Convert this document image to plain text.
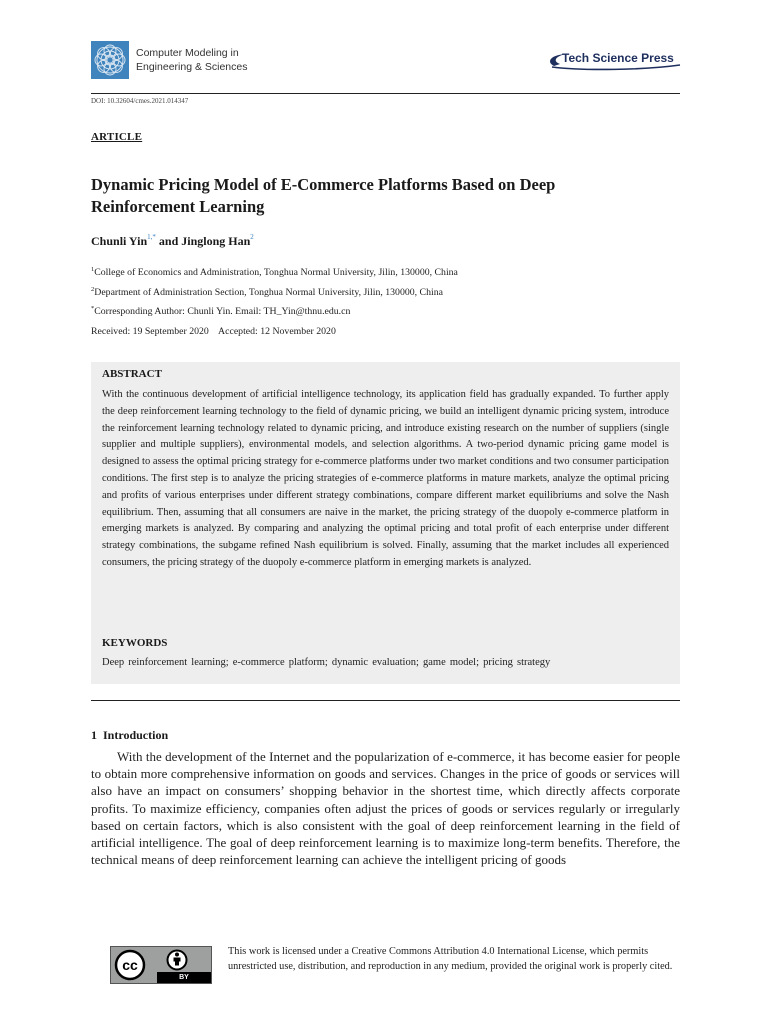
Computer Modeling in
Engineering & Sciences
Tech Science Press
DOI: 10.32604/cmes.2021.014347
ARTICLE
Dynamic Pricing Model of E-Commerce Platforms Based on Deep Reinforcement Learning
Chunli Yin$^{1,*}$ and Jinglong Han$^2$
$^1$College of Economics and Administration, Tonghua Normal University, Jilin, 130000, China
$^2$Department of Administration Section, Tonghua Normal University, Jilin, 130000, China
*Corresponding Author: Chunli Yin. Email: TH_Yin@thnu.edu.cn
Received: 19 September 2020    Accepted: 12 November 2020
ABSTRACT
With the continuous development of artificial intelligence technology, its application field has gradually expanded. To further apply the deep reinforcement learning technology to the field of dynamic pricing, we build an intelligent dynamic pricing system, introduce the reinforcement learning technology related to dynamic pricing, and introduce existing research on the number of suppliers (single supplier and multiple suppliers), environmental models, and selection algorithms. A two-period dynamic pricing game model is designed to assess the optimal pricing strategy for e-commerce platforms under two market conditions and two consumer participation conditions. The first step is to analyze the pricing strategies of e-commerce platforms in mature markets, analyze the optimal pricing and profits of various enterprises under different strategy combinations, compare different market equilibriums and solve the Nash equilibrium. Then, assuming that all consumers are naive in the market, the pricing strategy of the duopoly e-commerce platform in emerging markets is analyzed. By comparing and analyzing the optimal pricing and total profit of each enterprise under different strategy combinations, the subgame refined Nash equilibrium is solved. Finally, assuming that the market includes all experienced consumers, the pricing strategy of the duopoly e-commerce platform in emerging markets is analyzed.
KEYWORDS
Deep reinforcement learning; e-commerce platform; dynamic evaluation; game model; pricing strategy
1  Introduction
With the development of the Internet and the popularization of e-commerce, it has become easier for people to obtain more comprehensive information on goods and services. Changes in the price of goods or services will also have an impact on consumers’ shopping behavior in the shortest time, which directly affects corporate profits. To maximize efficiency, companies often adjust the prices of goods or services regularly or irregularly based on certain factors, which is also consistent with the goal of deep reinforcement learning in the field of artificial intelligence. The goal of deep reinforcement learning is to maximize long-term benefits. Therefore, the technical means of deep reinforcement learning can achieve the intelligent pricing of goods
cc
BY
This work is licensed under a Creative Commons Attribution 4.0 International License, which permits unrestricted use, distribution, and reproduction in any medium, provided the original work is properly cited.
